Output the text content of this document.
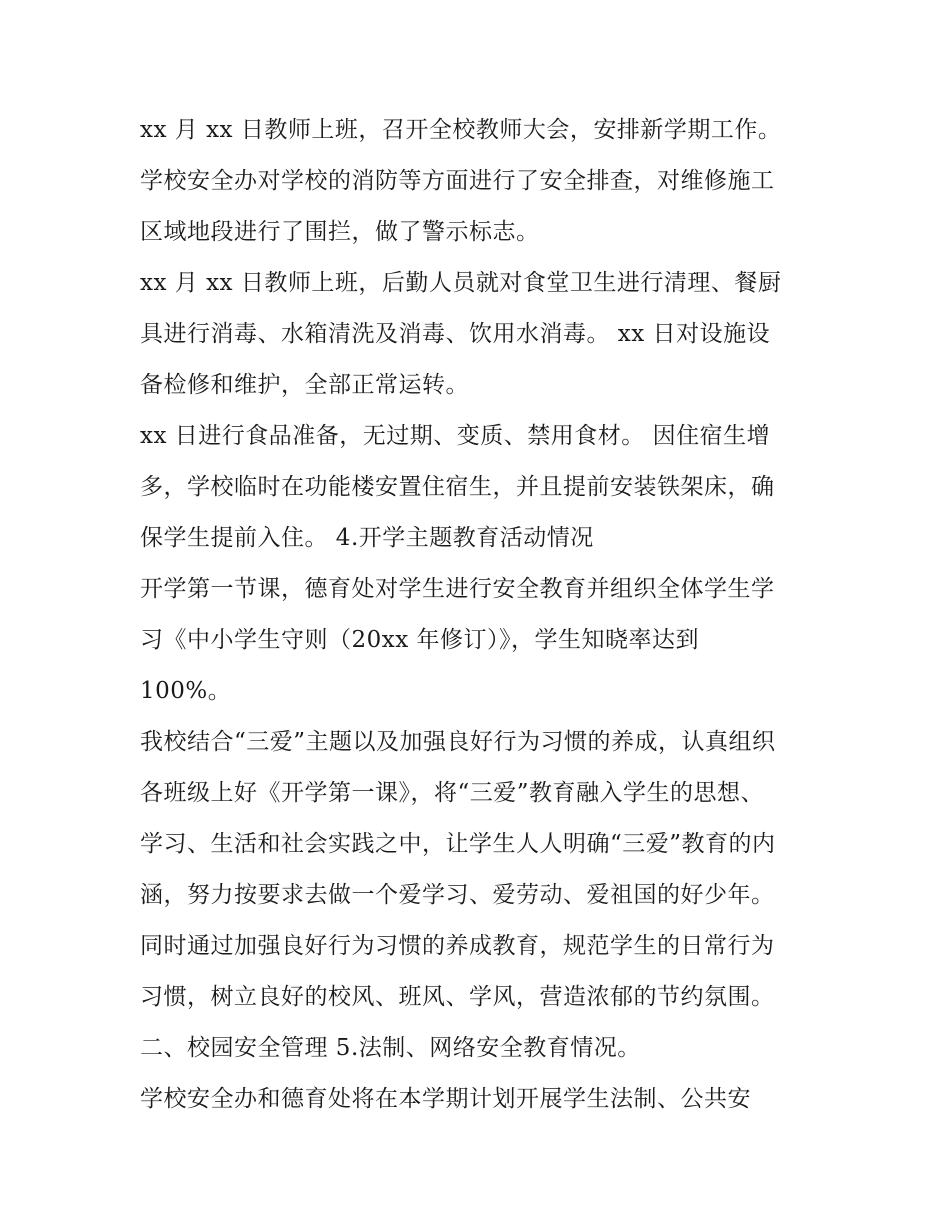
xx 月 xx 日教师上班，召开全校教师大会，安排新学期工作。
学校安全办对学校的消防等方面进行了安全排查，对维修施工
区域地段进行了围拦，做了警示标志。
xx 月 xx 日教师上班，后勤人员就对食堂卫生进行清理、餐厨
具进行消毒、水箱清洗及消毒、饮用水消毒。 xx 日对设施设
备检修和维护，全部正常运转。
xx 日进行食品准备，无过期、变质、禁用食材。 因住宿生增
多，学校临时在功能楼安置住宿生，并且提前安装铁架床，确
保学生提前入住。 4.开学主题教育活动情况
开学第一节课，德育处对学生进行安全教育并组织全体学生学
习《中小学生守则（20xx 年修订）》，学生知晓率达到
100%。
我校结合“三爱”主题以及加强良好行为习惯的养成，认真组织
各班级上好《开学第一课》，将“三爱”教育融入学生的思想、
学习、生活和社会实践之中，让学生人人明确“三爱”教育的内
涵，努力按要求去做一个爱学习、爱劳动、爱祖国的好少年。
同时通过加强良好行为习惯的养成教育，规范学生的日常行为
习惯，树立良好的校风、班风、学风，营造浓郁的节约氛围。
二、校园安全管理 5.法制、网络安全教育情况。
学校安全办和德育处将在本学期计划开展学生法制、公共安
